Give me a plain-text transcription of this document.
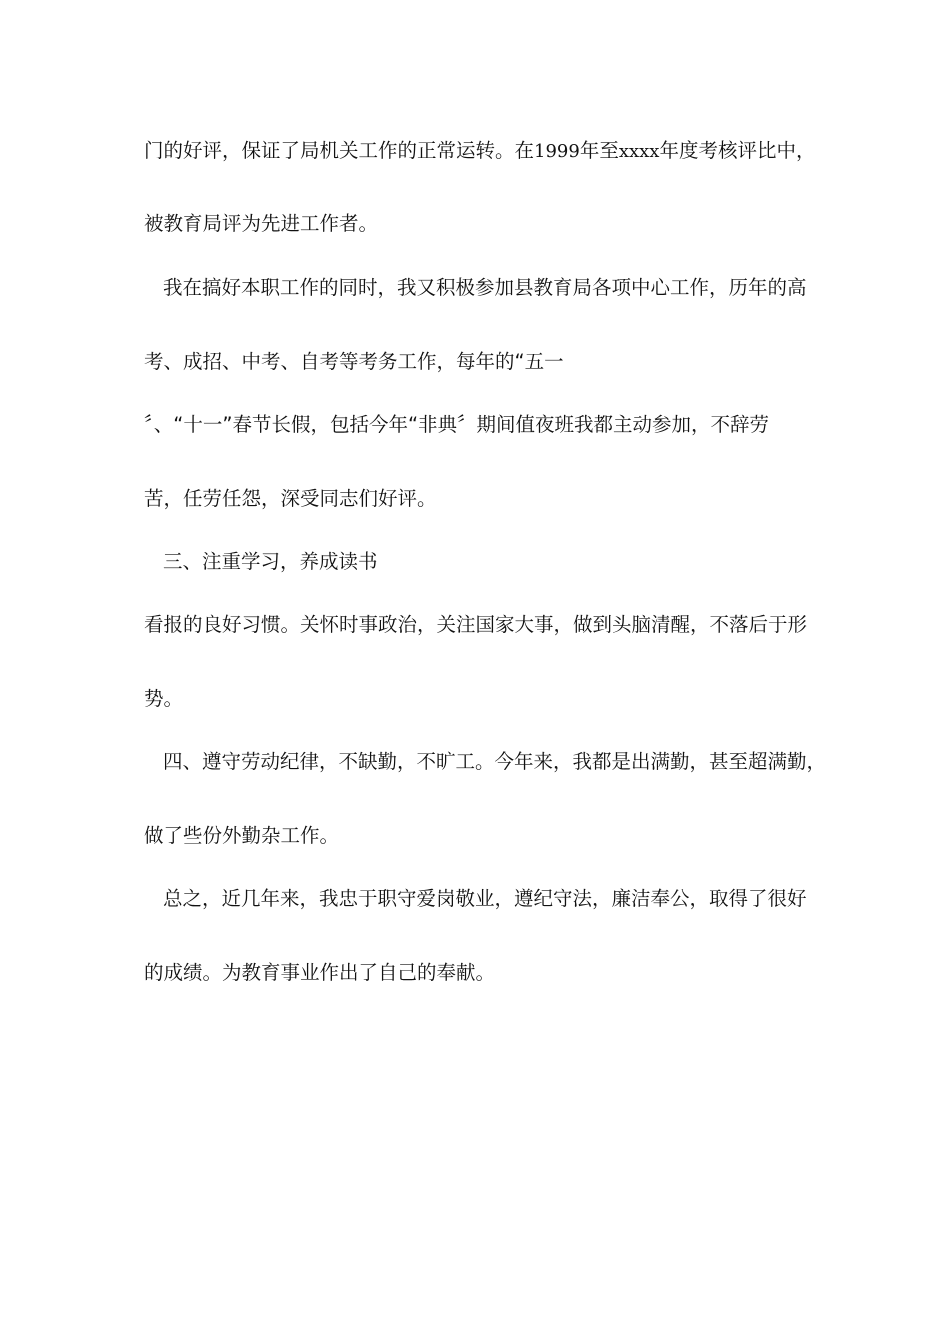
门的好评，保证了局机关工作的正常运转。在1999年至xxxx年度考核评比中，
被教育局评为先进工作者。
我在搞好本职工作的同时，我又积极参加县教育局各项中心工作，历年的高
考、成招、中考、自考等考务工作，每年的“五一
〞、“十一”春节长假，包括今年“非典〞期间值夜班我都主动参加，不辞劳
苦，任劳任怨，深受同志们好评。
三、注重学习，养成读书
看报的良好习惯。关怀时事政治，关注国家大事，做到头脑清醒，不落后于形
势。
四、遵守劳动纪律，不缺勤，不旷工。今年来，我都是出满勤，甚至超满勤，
做了些份外勤杂工作。
总之，近几年来，我忠于职守爱岗敬业，遵纪守法，廉洁奉公，取得了很好
的成绩。为教育事业作出了自己的奉献。
